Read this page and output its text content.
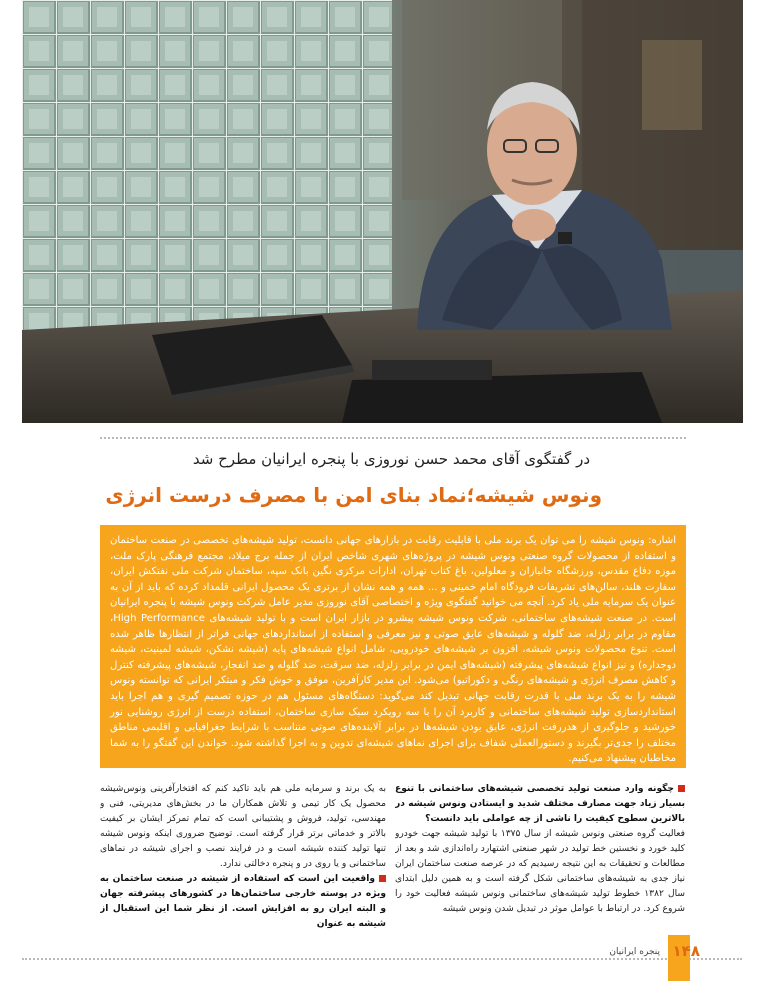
در گفتگوی آقای محمد حسن نوروزی با پنجره ایرانیان مطرح شد
ونوس شیشه؛نماد بنای امن با مصرف درست انرژی
اشاره: ونوس شیشه را می توان یک برند ملی با قابلیت رقابت در بازارهای جهانی دانست، تولید شیشه‌های تخصصی در صنعت ساختمان و استفاده از محصولات گروه صنعتی ونوس شیشه در پروژه‌های شهری شاخص ایران از جمله برج میلاد، مجتمع فرهنگی پارک ملت، موزه دفاع مقدس، ورزشگاه جانبازان و معلولین، باغ کتاب تهران، ادارات مرکزی نگین بانک سپه، ساختمان شرکت ملی نفتکش ایران، سفارت هلند، سالن‌های تشریفات فرودگاه امام خمینی و ... همه و همه نشان از برتری یک محصول ایرانی قلمداد کرده که باید از آن به عنوان یک سرمایه ملی یاد کرد. آنچه می خوانید گفتگوی ویژه و اختصاصی آقای نوروزی مدیر عامل شرکت ونوس شیشه با پنجره ایرانیان است. در صنعت شیشه‌های ساختمانی، شرکت ونوس شیشه پیشرو در بازار ایران است و با تولید شیشه‌های High Performance، مقاوم در برابر زلزله، ضد گلوله و شیشه‌های عایق صوتی و نیز معرفی و استفاده از استانداردهای جهانی فراتر از انتظارها ظاهر شده است. تنوع محصولات ونوس شیشه، افزون بر شیشه‌های خودرویی، شامل انواع شیشه‌های پایه (شیشه نشکن، شیشه لمینیت، شیشه دوجداره) و نیز انواع شیشه‌های پیشرفته (شیشه‌های ایمن در برابر زلزله، ضد سرقت، ضد گلوله و ضد انفجار، شیشه‌های پیشرفته کنترل و کاهش مصرف انرژی و شیشه‌های رنگی و دکوراتیو) می‌شود. این مدیر کارآفرین، موفق و خوش فکر و مبتکر ایرانی که توانسته ونوس شیشه را به یک برند ملی با قدرت رقابت جهانی تبدیل کند می‌گوید: دستگاه‌های مسئول هم در حوزه تصمیم گیری و هم اجرا باید استانداردسازی تولید شیشه‌های ساختمانی و کاربرد آن را با سه رویکرد سبک سازی ساختمان، استفاده درست از انرژی روشنایی نور خورشید و جلوگیری از هدررفت انرژی، عایق بودن شیشه‌ها در برابر آلاینده‌های صوتی متناسب با شرایط جغرافیایی و اقلیمی مناطق مختلف را جدی‌تر بگیرند و دستورالعملی شفاف برای اجرای نماهای شیشه‌ای تدوین و به اجرا گذاشته شود. خواندن این گفتگو را به شما مخاطبان پیشنهاد می‌کنیم.
چگونه وارد صنعت تولید تخصصی شیشه‌های ساختمانی با تنوع بسیار زیاد جهت مصارف مختلف شدید و ایستادن ونوس شیشه در بالاترین سطوح کیفیت را ناشی از چه عواملی باید دانست؟
فعالیت گروه صنعتی ونوس شیشه از سال ۱۳۷۵ با تولید شیشه جهت خودرو کلید خورد و نخستین خط تولید در شهر صنعتی اشتهارد راه‌اندازی شد و بعد از مطالعات و تحقیقات به این نتیجه رسیدیم که در عرصه صنعت ساختمان ایران نیاز جدی به شیشه‌های ساختمانی شکل گرفته است و به همین دلیل ابتدای سال ۱۳۸۲ خطوط تولید شیشه‌های ساختمانی ونوس شیشه فعالیت خود را شروع کرد. در ارتباط با عوامل موثر در تبدیل شدن ونوس شیشه
به یک برند و سرمایه ملی هم باید تاکید کنم که افتخارآفرینی ونوس‌شیشه محصول یک کار تیمی و تلاش همکاران ما در بخش‌های مدیریتی، فنی و مهندسی، تولید، فروش و پشتیبانی است که تمام تمرکز ایشان بر کیفیت بالاتر و خدماتی برتر قرار گرفته است. توضیح ضروری اینکه ونوس شیشه تنها تولید کننده شیشه است و در فرایند نصب و اجرای شیشه در نماهای ساختمانی و یا روی در و پنجره دخالتی ندارد.
واقعیت این است که استفاده از شیشه در صنعت ساختمان به ویژه در پوسته خارجی ساختمان‌ها در کشورهای پیشرفته جهان و البته ایران رو به افزایش است. از نظر شما این استقبال از شیشه به عنوان
۱۴۸
پنجره ایرانیان
